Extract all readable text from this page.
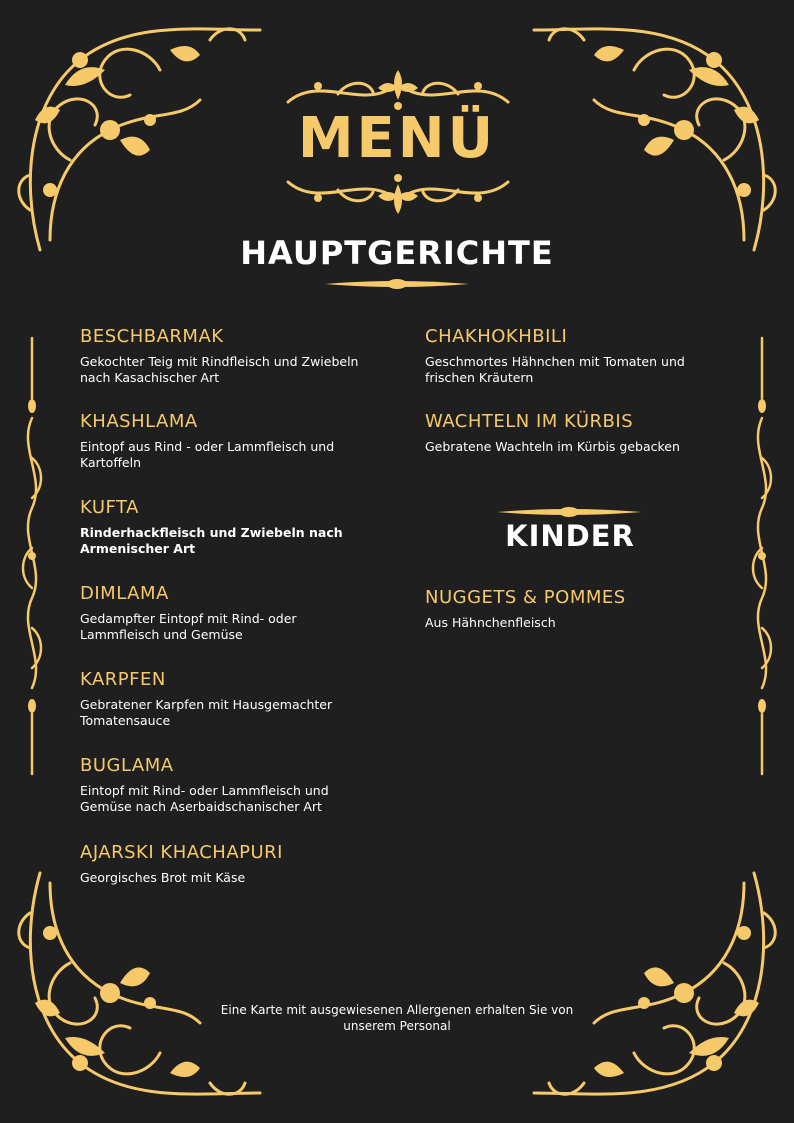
MENÜ
HAUPTGERICHTE
KINDER
BESCHBARMAK
Gekochter Teig mit Rindfleisch und Zwiebeln nach Kasachischer Art
KHASHLAMA
Eintopf aus Rind - oder Lammfleisch und Kartoffeln
KUFTA
Rinderhackfleisch und Zwiebeln nach Armenischer Art
DIMLAMA
Gedampfter Eintopf mit Rind- oder Lammfleisch und Gemüse
KARPFEN
Gebratener Karpfen mit Hausgemachter Tomatensauce
BUGLAMA
Eintopf mit Rind- oder Lammfleisch und Gemüse nach Aserbaidschanischer Art
AJARSKI KHACHAPURI
Georgisches Brot mit Käse
CHAKHOKHBILI
Geschmortes Hähnchen mit Tomaten und frischen Kräutern
WACHTELN IM KÜRBIS
Gebratene Wachteln im Kürbis gebacken
NUGGETS & POMMES
Aus Hähnchenfleisch
Eine Karte mit ausgewiesenen Allergenen erhalten Sie von unserem Personal
